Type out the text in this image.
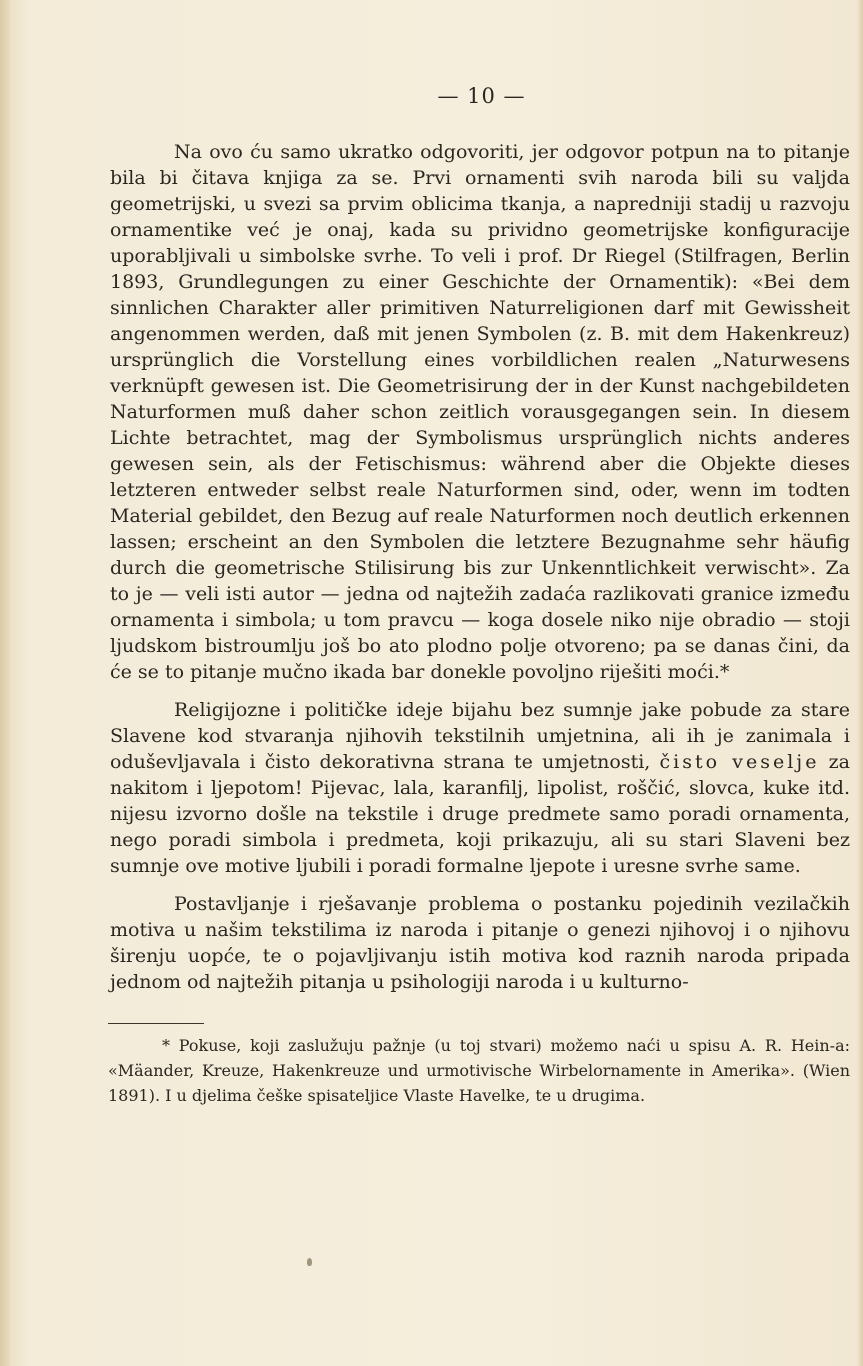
— 10 —

Na ovo ću samo ukratko odgovoriti, jer odgovor potpun na to pitanje bila bi čitava knjiga za se. Prvi ornamenti svih naroda bili su valjda geometrijski, u svezi sa prvim oblicima tkanja, a napredniji stadij u razvoju ornamentike već je onaj, kada su prividno geometrijske konfiguracije uporabljivali u simbolske svrhe. To veli i prof. Dr Riegel (Stilfragen, Berlin 1893, Grundlegungen zu einer Geschichte der Ornamentik): «Bei dem sinnlichen Charakter aller primitiven Naturreligionen darf mit Gewissheit angenommen werden, daß mit jenen Symbolen (z. B. mit dem Hakenkreuz) ursprünglich die Vorstellung eines vorbildlichen realen „Naturwesens verknüpft gewesen ist. Die Geometrisirung der in der Kunst nachgebildeten Naturformen muß daher schon zeitlich vorausgegangen sein. In diesem Lichte betrachtet, mag der Symbolismus ursprünglich nichts anderes gewesen sein, als der Fetischismus: während aber die Objekte dieses letzteren entweder selbst reale Naturformen sind, oder, wenn im todten Material gebildet, den Bezug auf reale Naturformen noch deutlich erkennen lassen; erscheint an den Symbolen die letztere Bezugnahme sehr häufig durch die geometrische Stilisirung bis zur Unkenntlichkeit verwischt». Za to je — veli isti autor — jedna od najtežih zadaća razlikovati granice između ornamenta i simbola; u tom pravcu — koga dosele niko nije obradio — stoji ljudskom bistroumlju još bo ato plodno polje otvoreno; pa se danas čini, da će se to pitanje mučno ikada bar donekle povoljno riješiti moći.*

Religijozne i političke ideje bijahu bez sumnje jake pobude za stare Slavene kod stvaranja njihovih tekstilnih umjetnina, ali ih je zanimala i oduševljavala i čisto dekorativna strana te umjetnosti, čisto veselje za nakitom i ljepotom! Pijevac, lala, karanfilj, lipolist, roščić, slovca, kuke itd. nijesu izvorno došle na tekstile i druge predmete samo poradi ornamenta, nego poradi simbola i predmeta, koji prikazuju, ali su stari Slaveni bez sumnje ove motive ljubili i poradi formalne ljepote i uresne svrhe same.

Postavljanje i rješavanje problema o postanku pojedinih vezilačkih motiva u našim tekstilima iz naroda i pitanje o genezi njihovoj i o njihovu širenju uopće, te o pojavljivanju istih motiva kod raznih naroda pripada jednom od najtežih pitanja u psihologiji naroda i u kulturno-

* Pokuse, koji zaslužuju pažnje (u toj stvari) možemo naći u spisu A. R. Hein-a: «Mäander, Kreuze, Hakenkreuze und urmotivische Wirbelornamente in Amerika». (Wien 1891). I u djelima češke spisateljice Vlaste Havelke, te u drugima.
